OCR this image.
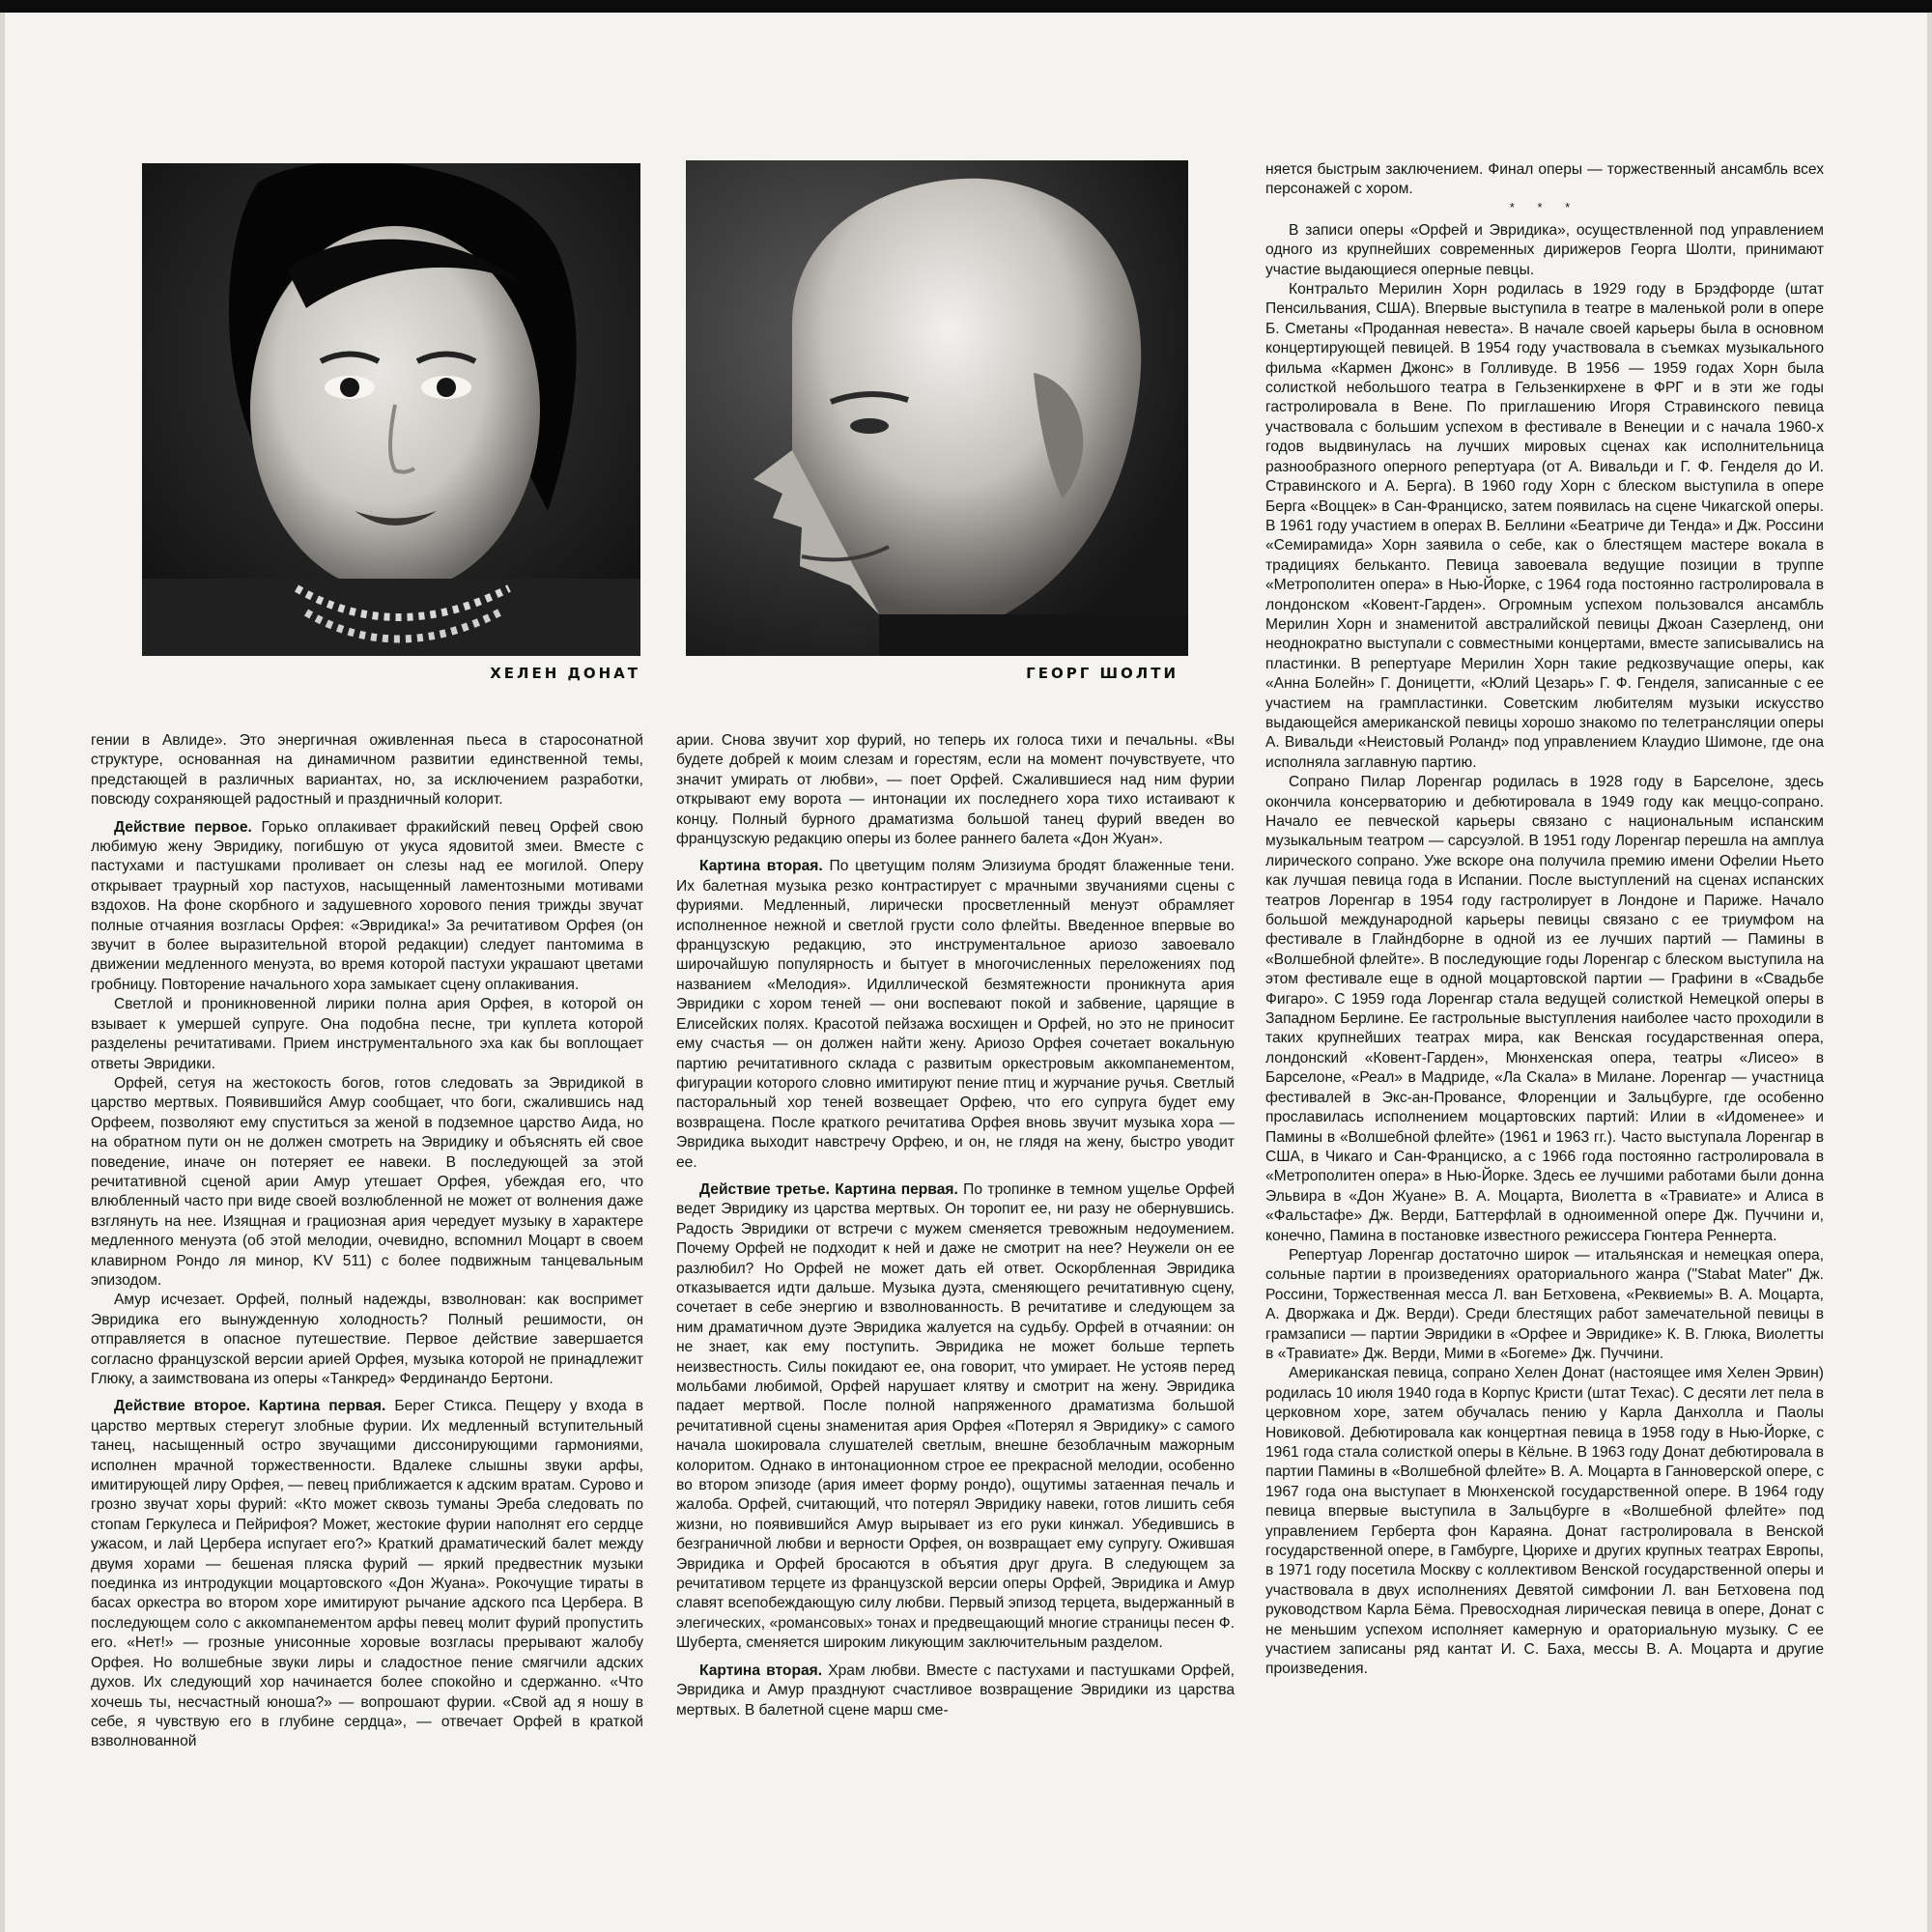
ХЕЛЕН ДОНАТ	ГЕОРГ ШОЛТИ

гении в Авлиде». Это энергичная оживленная пьеса в старосонатной структуре, основанная на динамичном развитии единственной темы, предстающей в различных вариантах, но, за исключением разработки, повсюду сохраняющей радостный и праздничный колорит.

Действие первое. Горько оплакивает фракийский певец Орфей свою любимую жену Эвридику, погибшую от укуса ядовитой змеи. Вместе с пастухами и пастушками проливает он слезы над ее могилой. Оперу открывает траурный хор пастухов, насыщенный ламентозными мотивами вздохов. На фоне скорбного и задушевного хорового пения трижды звучат полные отчаяния возгласы Орфея: «Эвридика!» За речитативом Орфея (он звучит в более выразительной второй редакции) следует пантомима в движении медленного менуэта, во время которой пастухи украшают цветами гробницу. Повторение начального хора замыкает сцену оплакивания.

Светлой и проникновенной лирики полна ария Орфея, в которой он взывает к умершей супруге. Она подобна песне, три куплета которой разделены речитативами. Прием инструментального эха как бы воплощает ответы Эвридики.

Орфей, сетуя на жестокость богов, готов следовать за Эвридикой в царство мертвых. Появившийся Амур сообщает, что боги, сжалившись над Орфеем, позволяют ему спуститься за женой в подземное царство Аида, но на обратном пути он не должен смотреть на Эвридику и объяснять ей свое поведение, иначе он потеряет ее навеки. В последующей за этой речитативной сценой арии Амур утешает Орфея, убеждая его, что влюбленный часто при виде своей возлюбленной не может от волнения даже взглянуть на нее. Изящная и грациозная ария чередует музыку в характере медленного менуэта (об этой мелодии, очевидно, вспомнил Моцарт в своем клавирном Рондо ля минор, KV 511) с более подвижным танцевальным эпизодом.

Амур исчезает. Орфей, полный надежды, взволнован: как воспримет Эвридика его вынужденную холодность? Полный решимости, он отправляется в опасное путешествие. Первое действие завершается согласно французской версии арией Орфея, музыка которой не принадлежит Глюку, а заимствована из оперы «Танкред» Фердинандо Бертони.

Действие второе. Картина первая. Берег Стикса. Пещеру у входа в царство мертвых стерегут злобные фурии. Их медленный вступительный танец, насыщенный остро звучащими диссонирующими гармониями, исполнен мрачной торжественности. Вдалеке слышны звуки арфы, имитирующей лиру Орфея, — певец приближается к адским вратам. Сурово и грозно звучат хоры фурий: «Кто может сквозь туманы Эреба следовать по стопам Геркулеса и Пейрифоя? Может, жестокие фурии наполнят его сердце ужасом, и лай Цербера испугает его?» Краткий драматический балет между двумя хорами — бешеная пляска фурий — яркий предвестник музыки поединка из интродукции моцартовского «Дон Жуана». Рокочущие тираты в басах оркестра во втором хоре имитируют рычание адского пса Цербера. В последующем соло с аккомпанементом арфы певец молит фурий пропустить его. «Нет!» — грозные унисонные хоровые возгласы прерывают жалобу Орфея. Но волшебные звуки лиры и сладостное пение смягчили адских духов. Их следующий хор начинается более спокойно и сдержанно. «Что хочешь ты, несчастный юноша?» — вопрошают фурии. «Свой ад я ношу в себе, я чувствую его в глубине сердца», — отвечает Орфей в краткой взволнованной

арии. Снова звучит хор фурий, но теперь их голоса тихи и печальны. «Вы будете добрей к моим слезам и горестям, если на момент почувствуете, что значит умирать от любви», — поет Орфей. Сжалившиеся над ним фурии открывают ему ворота — интонации их последнего хора тихо истаивают к концу. Полный бурного драматизма большой танец фурий введен во французскую редакцию оперы из более раннего балета «Дон Жуан».

Картина вторая. По цветущим полям Элизиума бродят блаженные тени. Их балетная музыка резко контрастирует с мрачными звучаниями сцены с фуриями. Медленный, лирически просветленный менуэт обрамляет исполненное нежной и светлой грусти соло флейты. Введенное впервые во французскую редакцию, это инструментальное ариозо завоевало широчайшую популярность и бытует в многочисленных переложениях под названием «Мелодия». Идиллической безмятежности проникнута ария Эвридики с хором теней — они воспевают покой и забвение, царящие в Елисейских полях. Красотой пейзажа восхищен и Орфей, но это не приносит ему счастья — он должен найти жену. Ариозо Орфея сочетает вокальную партию речитативного склада с развитым оркестровым аккомпанементом, фигурации которого словно имитируют пение птиц и журчание ручья. Светлый пасторальный хор теней возвещает Орфею, что его супруга будет ему возвращена. После краткого речитатива Орфея вновь звучит музыка хора — Эвридика выходит навстречу Орфею, и он, не глядя на жену, быстро уводит ее.

Действие третье. Картина первая. По тропинке в темном ущелье Орфей ведет Эвридику из царства мертвых. Он торопит ее, ни разу не обернувшись. Радость Эвридики от встречи с мужем сменяется тревожным недоумением. Почему Орфей не подходит к ней и даже не смотрит на нее? Неужели он ее разлюбил? Но Орфей не может дать ей ответ. Оскорбленная Эвридика отказывается идти дальше. Музыка дуэта, сменяющего речитативную сцену, сочетает в себе энергию и взволнованность. В речитативе и следующем за ним драматичном дуэте Эвридика жалуется на судьбу. Орфей в отчаянии: он не знает, как ему поступить. Эвридика не может больше терпеть неизвестность. Силы покидают ее, она говорит, что умирает. Не устояв перед мольбами любимой, Орфей нарушает клятву и смотрит на жену. Эвридика падает мертвой. После полной напряженного драматизма большой речитативной сцены знаменитая ария Орфея «Потерял я Эвридику» с самого начала шокировала слушателей светлым, внешне безоблачным мажорным колоритом. Однако в интонационном строе ее прекрасной мелодии, особенно во втором эпизоде (ария имеет форму рондо), ощутимы затаенная печаль и жалоба. Орфей, считающий, что потерял Эвридику навеки, готов лишить себя жизни, но появившийся Амур вырывает из его руки кинжал. Убедившись в безграничной любви и верности Орфея, он возвращает ему супругу. Ожившая Эвридика и Орфей бросаются в объятия друг друга. В следующем за речитативом терцете из французской версии оперы Орфей, Эвридика и Амур славят всепобеждающую силу любви. Первый эпизод терцета, выдержанный в элегических, «романсовых» тонах и предвещающий многие страницы песен Ф. Шуберта, сменяется широким ликующим заключительным разделом.

Картина вторая. Храм любви. Вместе с пастухами и пастушками Орфей, Эвридика и Амур празднуют счастливое возвращение Эвридики из царства мертвых. В балетной сцене марш сме-

няется быстрым заключением. Финал оперы — торжественный ансамбль всех персонажей с хором.

* * *

В записи оперы «Орфей и Эвридика», осуществленной под управлением одного из крупнейших современных дирижеров Георга Шолти, принимают участие выдающиеся оперные певцы.

Контральто Мерилин Хорн родилась в 1929 году в Брэдфорде (штат Пенсильвания, США). Впервые выступила в театре в маленькой роли в опере Б. Сметаны «Проданная невеста». В начале своей карьеры была в основном концертирующей певицей. В 1954 году участвовала в съемках музыкального фильма «Кармен Джонс» в Голливуде. В 1956 — 1959 годах Хорн была солисткой небольшого театра в Гельзенкирхене в ФРГ и в эти же годы гастролировала в Вене. По приглашению Игоря Стравинского певица участвовала с большим успехом в фестивале в Венеции и с начала 1960-х годов выдвинулась на лучших мировых сценах как исполнительница разнообразного оперного репертуара (от А. Вивальди и Г. Ф. Генделя до И. Стравинского и А. Берга). В 1960 году Хорн с блеском выступила в опере Берга «Воццек» в Сан-Франциско, затем появилась на сцене Чикагской оперы. В 1961 году участием в операх В. Беллини «Беатриче ди Тенда» и Дж. Россини «Семирамида» Хорн заявила о себе, как о блестящем мастере вокала в традициях бельканто. Певица завоевала ведущие позиции в труппе «Метрополитен опера» в Нью-Йорке, с 1964 года постоянно гастролировала в лондонском «Ковент-Гарден». Огромным успехом пользовался ансамбль Мерилин Хорн и знаменитой австралийской певицы Джоан Сазерленд, они неоднократно выступали с совместными концертами, вместе записывались на пластинки. В репертуаре Мерилин Хорн такие редкозвучащие оперы, как «Анна Болейн» Г. Доницетти, «Юлий Цезарь» Г. Ф. Генделя, записанные с ее участием на грампластинки. Советским любителям музыки искусство выдающейся американской певицы хорошо знакомо по телетрансляции оперы А. Вивальди «Неистовый Роланд» под управлением Клаудио Шимоне, где она исполняла заглавную партию.

Сопрано Пилар Лоренгар родилась в 1928 году в Барселоне, здесь окончила консерваторию и дебютировала в 1949 году как меццо-сопрано. Начало ее певческой карьеры связано с национальным испанским музыкальным театром — сарсуэлой. В 1951 году Лоренгар перешла на амплуа лирического сопрано. Уже вскоре она получила премию имени Офелии Ньето как лучшая певица года в Испании. После выступлений на сценах испанских театров Лоренгар в 1954 году гастролирует в Лондоне и Париже. Начало большой международной карьеры певицы связано с ее триумфом на фестивале в Глайндборне в одной из ее лучших партий — Памины в «Волшебной флейте». В последующие годы Лоренгар с блеском выступила на этом фестивале еще в одной моцартовской партии — Графини в «Свадьбе Фигаро». С 1959 года Лоренгар стала ведущей солисткой Немецкой оперы в Западном Берлине. Ее гастрольные выступления наиболее часто проходили в таких крупнейших театрах мира, как Венская государственная опера, лондонский «Ковент-Гарден», Мюнхенская опера, театры «Лисео» в Барселоне, «Реал» в Мадриде, «Ла Скала» в Милане. Лоренгар — участница фестивалей в Экс-ан-Провансе, Флоренции и Зальцбурге, где особенно прославилась исполнением моцартовских партий: Илии в «Идоменее» и Памины в «Волшебной флейте» (1961 и 1963 гг.). Часто выступала Лоренгар в США, в Чикаго и Сан-Франциско, а с 1966 года постоянно гастролировала в «Метрополитен опера» в Нью-Йорке. Здесь ее лучшими работами были донна Эльвира в «Дон Жуане» В. А. Моцарта, Виолетта в «Травиате» и Алиса в «Фальстафе» Дж. Верди, Баттерфлай в одноименной опере Дж. Пуччини и, конечно, Памина в постановке известного режиссера Гюнтера Реннерта.

Репертуар Лоренгар достаточно широк — итальянская и немецкая опера, сольные партии в произведениях ораториального жанра ("Stabat Mater" Дж. Россини, Торжественная месса Л. ван Бетховена, «Реквиемы» В. А. Моцарта, А. Дворжака и Дж. Верди). Среди блестящих работ замечательной певицы в грамзаписи — партии Эвридики в «Орфее и Эвридике» К. В. Глюка, Виолетты в «Травиате» Дж. Верди, Мими в «Богеме» Дж. Пуччини.

Американская певица, сопрано Хелен Донат (настоящее имя Хелен Эрвин) родилась 10 июля 1940 года в Корпус Кристи (штат Техас). С десяти лет пела в церковном хоре, затем обучалась пению у Карла Данхолла и Паолы Новиковой. Дебютировала как концертная певица в 1958 году в Нью-Йорке, с 1961 года стала солисткой оперы в Кёльне. В 1963 году Донат дебютировала в партии Памины в «Волшебной флейте» В. А. Моцарта в Ганноверской опере, с 1967 года она выступает в Мюнхенской государственной опере. В 1964 году певица впервые выступила в Зальцбурге в «Волшебной флейте» под управлением Герберта фон Караяна. Донат гастролировала в Венской государственной опере, в Гамбурге, Цюрихе и других крупных театрах Европы, в 1971 году посетила Москву с коллективом Венской государственной оперы и участвовала в двух исполнениях Девятой симфонии Л. ван Бетховена под руководством Карла Бёма. Превосходная лирическая певица в опере, Донат с не меньшим успехом исполняет камерную и ораториальную музыку. С ее участием записаны ряд кантат И. С. Баха, мессы В. А. Моцарта и другие произведения.
